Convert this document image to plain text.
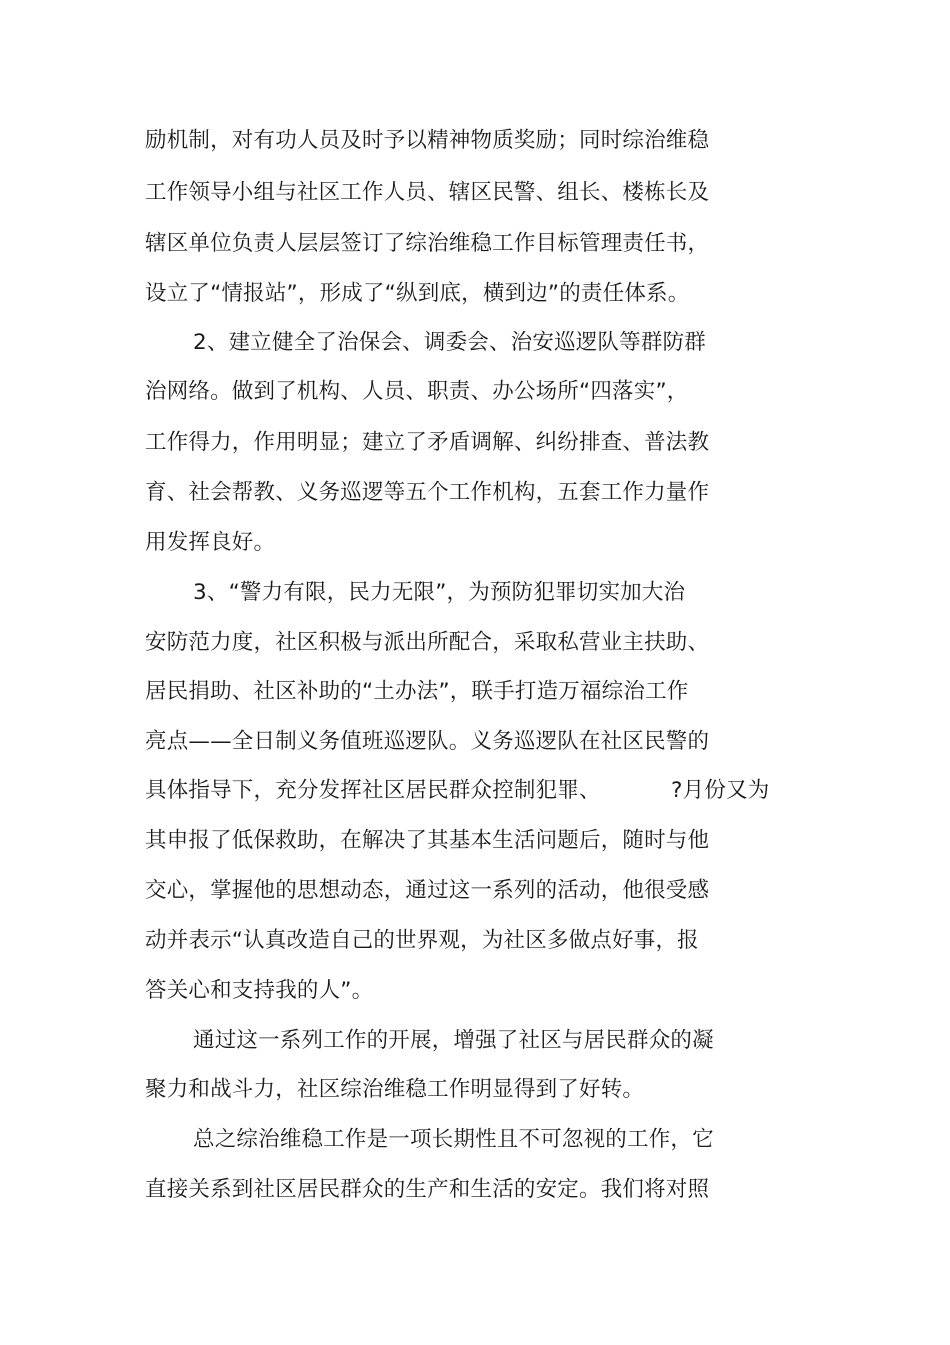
励机制，对有功人员及时予以精神物质奖励；同时综治维稳
工作领导小组与社区工作人员、辖区民警、组长、楼栋长及
辖区单位负责人层层签订了综治维稳工作目标管理责任书，
设立了“情报站”，形成了“纵到底，横到边”的责任体系。
2、建立健全了治保会、调委会、治安巡逻队等群防群
治网络。做到了机构、人员、职责、办公场所“四落实”，
工作得力，作用明显；建立了矛盾调解、纠纷排查、普法教
育、社会帮教、义务巡逻等五个工作机构，五套工作力量作
用发挥良好。
3、“警力有限，民力无限”，为预防犯罪切实加大治
安防范力度，社区积极与派出所配合，采取私营业主扶助、
居民捐助、社区补助的“土办法”，联手打造万福综治工作
亮点——全日制义务值班巡逻队。义务巡逻队在社区民警的
具体指导下，充分发挥社区居民群众控制犯罪、          ?月份又为
其申报了低保救助，在解决了其基本生活问题后，随时与他
交心，掌握他的思想动态，通过这一系列的活动，他很受感
动并表示“认真改造自己的世界观，为社区多做点好事，报
答关心和支持我的人”。
通过这一系列工作的开展，增强了社区与居民群众的凝
聚力和战斗力，社区综治维稳工作明显得到了好转。
总之综治维稳工作是一项长期性且不可忽视的工作，它
直接关系到社区居民群众的生产和生活的安定。我们将对照
